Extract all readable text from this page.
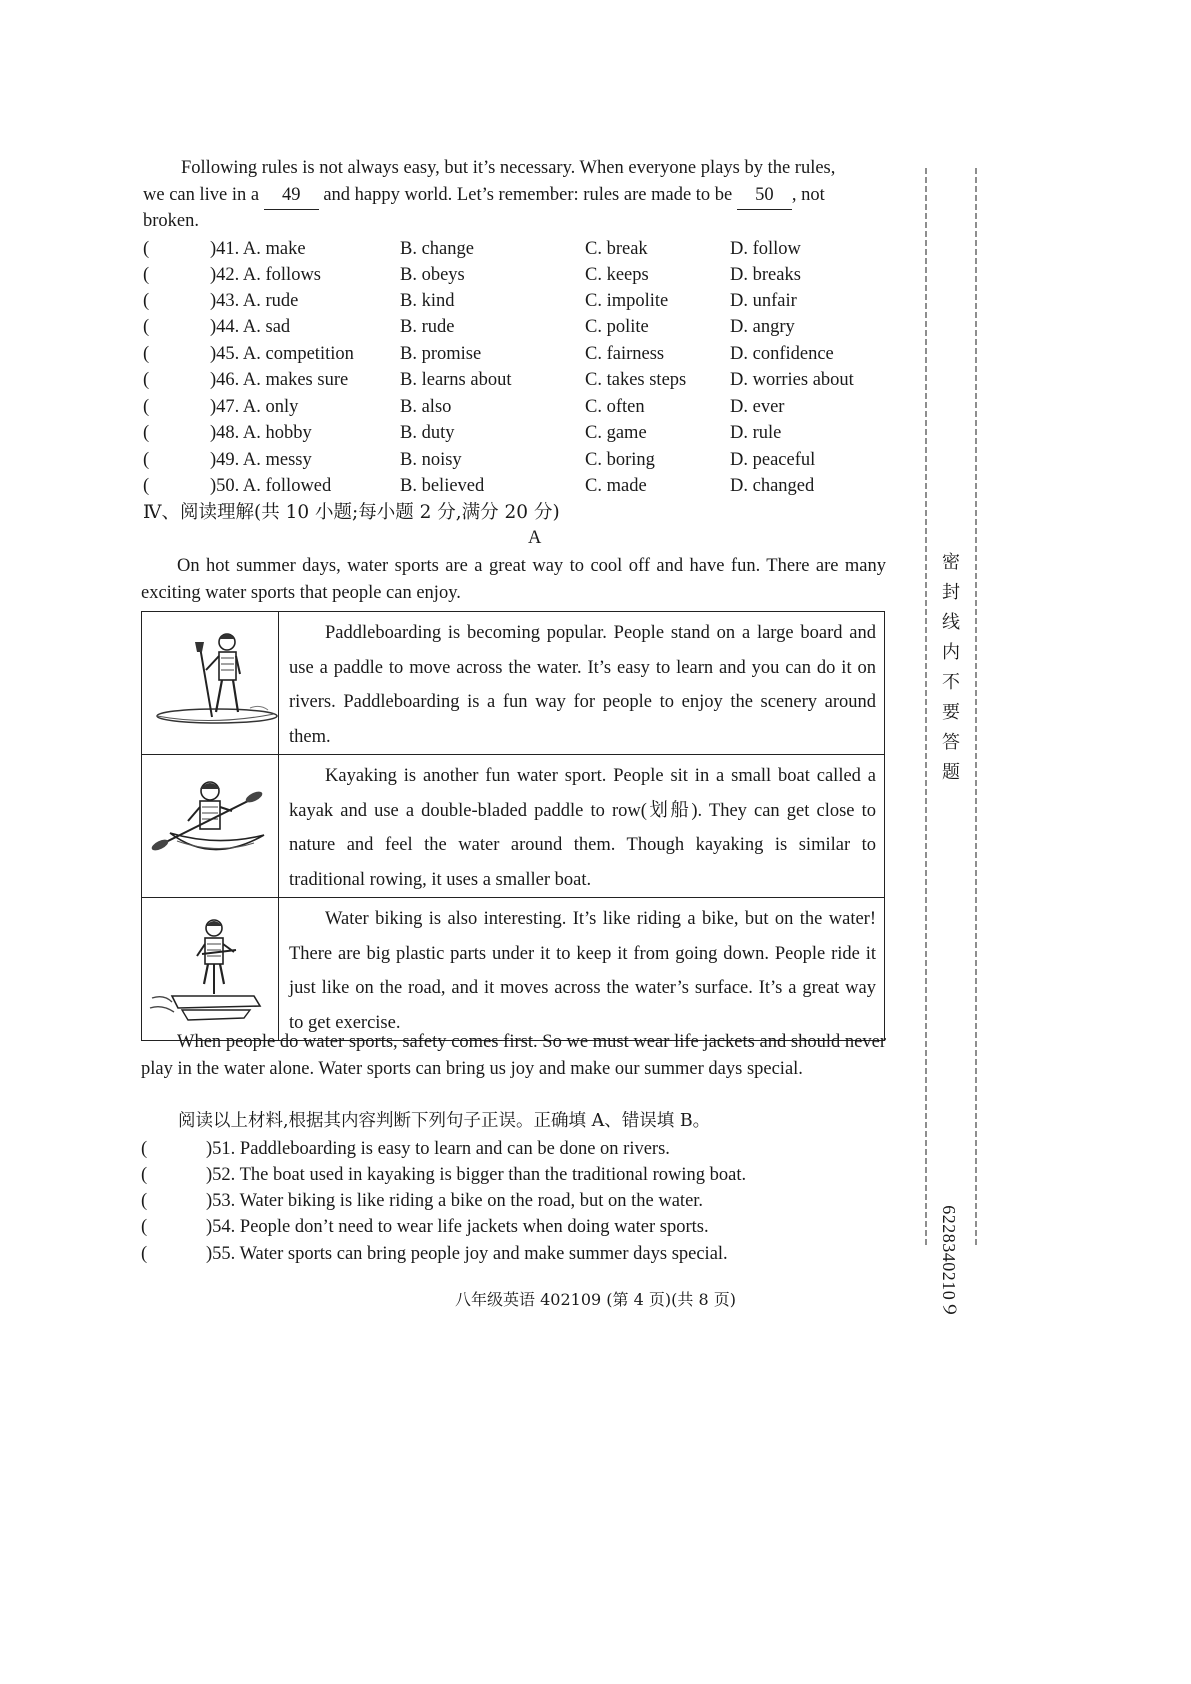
Following rules is not always easy, but it’s necessary. When everyone plays by the rules,
we can live in a 49 and happy world. Let’s remember: rules are made to be 50 , not
broken.
(	)41. A. make	B. change	C. break	D. follow
(	)42. A. follows	B. obeys	C. keeps	D. breaks
(	)43. A. rude	B. kind	C. impolite	D. unfair
(	)44. A. sad	B. rude	C. polite	D. angry
(	)45. A. competition B. promise	C. fairness	D. confidence
(	)46. A. makes sure	B. learns about	C. takes steps D. worries about
(	)47. A. only	B. also	C. often	D. ever
(	)48. A. hobby	B. duty	C. game	D. rule
(	)49. A. messy	B. noisy	C. boring	D. peaceful
(	)50. A. followed	B. believed	C. made	D. changed
Ⅳ、阅读理解(共 10 小题;每小题 2 分,满分 20 分)
A
On hot summer days, water sports are a great way to cool off and have fun. There are many exciting water sports that people can enjoy.
	Paddleboarding is becoming popular. People stand on a large board and use a paddle to move across the water. It’s easy to learn and you can do it on rivers. Paddleboarding is a fun way for people to enjoy the scenery around them.
	Kayaking is another fun water sport. People sit in a small boat called a kayak and use a double-bladed paddle to row(划船). They can get close to nature and feel the water around them. Though kayaking is similar to traditional rowing, it uses a smaller boat.
	Water biking is also interesting. It’s like riding a bike, but on the water! There are big plastic parts under it to keep it from going down. People ride it just like on the road, and it moves across the water’s surface. It’s a great way to get exercise.
When people do water sports, safety comes first. So we must wear life jackets and should never play in the water alone. Water sports can bring us joy and make our summer days special.
阅读以上材料,根据其内容判断下列句子正误。正确填 A、错误填 B。
(	)51. Paddleboarding is easy to learn and can be done on rivers.
(	)52. The boat used in kayaking is bigger than the traditional rowing boat.
(	)53. Water biking is like riding a bike on the road, but on the water.
(	)54. People don’t need to wear life jackets when doing water sports.
(	)55. Water sports can bring people joy and make summer days special.
八年级英语 402109 (第 4 页)(共 8 页)
密
封
线
内
不
要
答
题
6228340210９
